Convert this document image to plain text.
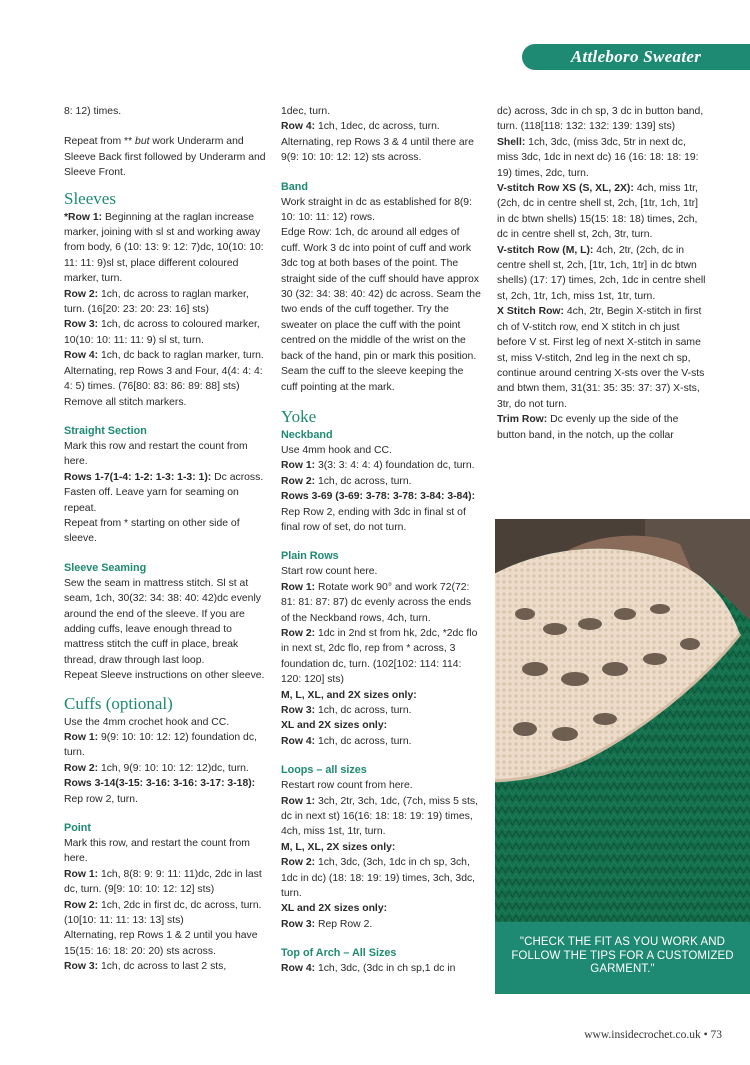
Attleboro Sweater

8: 12) times.

Repeat from ** but work Underarm and Sleeve Back first followed by Underarm and Sleeve Front.

Sleeves

*Row 1: Beginning at the raglan increase marker, joining with sl st and working away from body, 6 (10: 13: 9: 12: 7)dc, 10(10: 10: 11: 11: 9)sl st, place different coloured marker, turn.

Row 2: 1ch, dc across to raglan marker, turn. (16[20: 23: 20: 23: 16] sts)

Row 3: 1ch, dc across to coloured marker, 10(10: 10: 11: 11: 9) sl st, turn.

Row 4: 1ch, dc back to raglan marker, turn.

Alternating, rep Rows 3 and Four, 4(4: 4: 4: 4: 5) times. (76[80: 83: 86: 89: 88] sts) Remove all stitch markers.

Straight Section

Mark this row and restart the count from here.

Rows 1-7(1-4: 1-2: 1-3: 1-3: 1): Dc across. Fasten off. Leave yarn for seaming on repeat.

Repeat from * starting on other side of sleeve.

Sleeve Seaming

Sew the seam in mattress stitch. Sl st at seam, 1ch, 30(32: 34: 38: 40: 42)dc evenly around the end of the sleeve. If you are adding cuffs, leave enough thread to mattress stitch the cuff in place, break thread, draw through last loop.

Repeat Sleeve instructions on other sleeve.

Cuffs (optional)

Use the 4mm crochet hook and CC.

Row 1: 9(9: 10: 10: 12: 12) foundation dc, turn.

Row 2: 1ch, 9(9: 10: 10: 12: 12)dc, turn.

Rows 3-14(3-15: 3-16: 3-16: 3-17: 3-18): Rep row 2, turn.

Point

Mark this row, and restart the count from here.

Row 1: 1ch, 8(8: 9: 9: 11: 11)dc, 2dc in last dc, turn. (9[9: 10: 10: 12: 12] sts)

Row 2: 1ch, 2dc in first dc, dc across, turn. (10[10: 11: 11: 13: 13] sts)

Alternating, rep Rows 1 & 2 until you have 15(15: 16: 18: 20: 20) sts across.

Row 3: 1ch, dc across to last 2 sts,

1dec, turn.

Row 4: 1ch, 1dec, dc across, turn. Alternating, rep Rows 3 & 4 until there are 9(9: 10: 10: 12: 12) sts across.

Band

Work straight in dc as established for 8(9: 10: 10: 11: 12) rows.

Edge Row: 1ch, dc around all edges of cuff. Work 3 dc into point of cuff and work 3dc tog at both bases of the point. The straight side of the cuff should have approx 30 (32: 34: 38: 40: 42) dc across. Seam the two ends of the cuff together. Try the sweater on place the cuff with the point centred on the middle of the wrist on the back of the hand, pin or mark this position. Seam the cuff to the sleeve keeping the cuff pointing at the mark.

Yoke
Neckband

Use 4mm hook and CC.

Row 1: 3(3: 3: 4: 4: 4) foundation dc, turn.

Row 2: 1ch, dc across, turn.

Rows 3-69 (3-69: 3-78: 3-78: 3-84: 3-84): Rep Row 2, ending with 3dc in final st of final row of set, do not turn.

Plain Rows

Start row count here.

Row 1: Rotate work 90° and work 72(72: 81: 81: 87: 87) dc evenly across the ends of the Neckband rows, 4ch, turn.

Row 2: 1dc in 2nd st from hk, 2dc, *2dc flo in next st, 2dc flo, rep from * across, 3 foundation dc, turn. (102[102: 114: 114: 120: 120] sts)

M, L, XL, and 2X sizes only:

Row 3: 1ch, dc across, turn.

XL and 2X sizes only:

Row 4: 1ch, dc across, turn.

Loops – all sizes

Restart row count from here.

Row 1: 3ch, 2tr, 3ch, 1dc, (7ch, miss 5 sts, dc in next st) 16(16: 18: 18: 19: 19) times, 4ch, miss 1st, 1tr, turn.

M, L, XL, 2X sizes only:

Row 2: 1ch, 3dc, (3ch, 1dc in ch sp, 3ch, 1dc in dc) (18: 18: 19: 19) times, 3ch, 3dc, turn.

XL and 2X sizes only:

Row 3: Rep Row 2.

Top of Arch – All Sizes

Row 4: 1ch, 3dc, (3dc in ch sp,1 dc in

dc) across, 3dc in ch sp, 3 dc in button band, turn. (118[118: 132: 132: 139: 139] sts)

Shell: 1ch, 3dc, (miss 3dc, 5tr in next dc, miss 3dc, 1dc in next dc) 16 (16: 18: 18: 19: 19) times, 2dc, turn.

V-stitch Row XS (S, XL, 2X): 4ch, miss 1tr, (2ch, dc in centre shell st, 2ch, [1tr, 1ch, 1tr] in dc btwn shells) 15(15: 18: 18) times, 2ch, dc in centre shell st, 2ch, 3tr, turn.

V-stitch Row (M, L): 4ch, 2tr, (2ch, dc in centre shell st, 2ch, [1tr, 1ch, 1tr] in dc btwn shells) (17: 17) times, 2ch, 1dc in centre shell st, 2ch, 1tr, 1ch, miss 1st, 1tr, turn.

X Stitch Row: 4ch, 2tr, Begin X-stitch in first ch of V-stitch row, end X stitch in ch just before V st. First leg of next X-stitch in same st, miss V-stitch, 2nd leg in the next ch sp, continue around centring X-sts over the V-sts and btwn them, 31(31: 35: 35: 37: 37) X-sts, 3tr, do not turn.

Trim Row: Dc evenly up the side of the button band, in the notch, up the collar

"CHECK THE FIT AS YOU WORK AND FOLLOW THE TIPS FOR A CUSTOMIZED GARMENT."
www.insidecrochet.co.uk • 73
